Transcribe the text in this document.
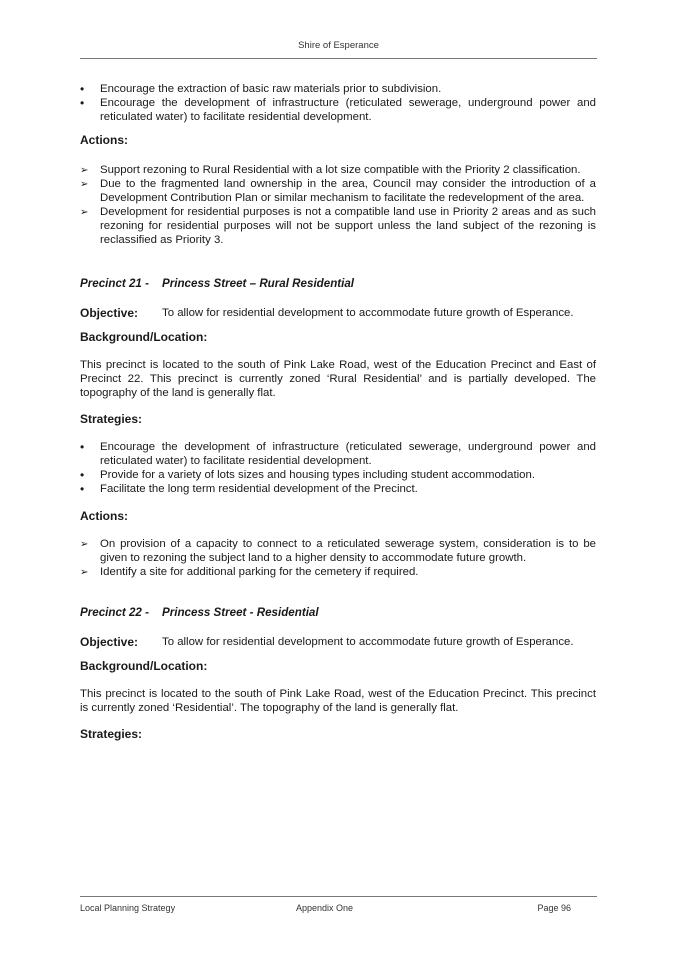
Shire of Esperance
•
Encourage the extraction of basic raw materials prior to subdivision.
•
Encourage the development of infrastructure (reticulated sewerage, underground power and reticulated water) to facilitate residential development.

Actions:

➢
Support rezoning to Rural Residential with a lot size compatible with the Priority 2 classification.
➢
Due to the fragmented land ownership in the area, Council may consider the introduction of a Development Contribution Plan or similar mechanism to facilitate the redevelopment of the area.
➢
Development for residential purposes is not a compatible land use in Priority 2 areas and as such rezoning for residential purposes will not be support unless the land subject of the rezoning is reclassified as Priority 3.
Precinct 21 - Princess Street – Rural Residential
Objective:	To allow for residential development to accommodate future growth of Esperance.

Background/Location:

This precinct is located to the south of Pink Lake Road, west of the Education Precinct and East of Precinct 22. This precinct is currently zoned ‘Rural Residential’ and is partially developed. The topography of the land is generally flat.

Strategies:

•
Encourage the development of infrastructure (reticulated sewerage, underground power and reticulated water) to facilitate residential development.
•
Provide for a variety of lots sizes and housing types including student accommodation.
•
Facilitate the long term residential development of the Precinct.

Actions:

➢
On provision of a capacity to connect to a reticulated sewerage system, consideration is to be given to rezoning the subject land to a higher density to accommodate future growth.
➢
Identify a site for additional parking for the cemetery if required.
Precinct 22 - Princess Street - Residential
Objective:	To allow for residential development to accommodate future growth of Esperance.

Background/Location:

This precinct is located to the south of Pink Lake Road, west of the Education Precinct. This precinct is currently zoned ‘Residential’. The topography of the land is generally flat.

Strategies:

Local Planning Strategy	Appendix One	Page 96
